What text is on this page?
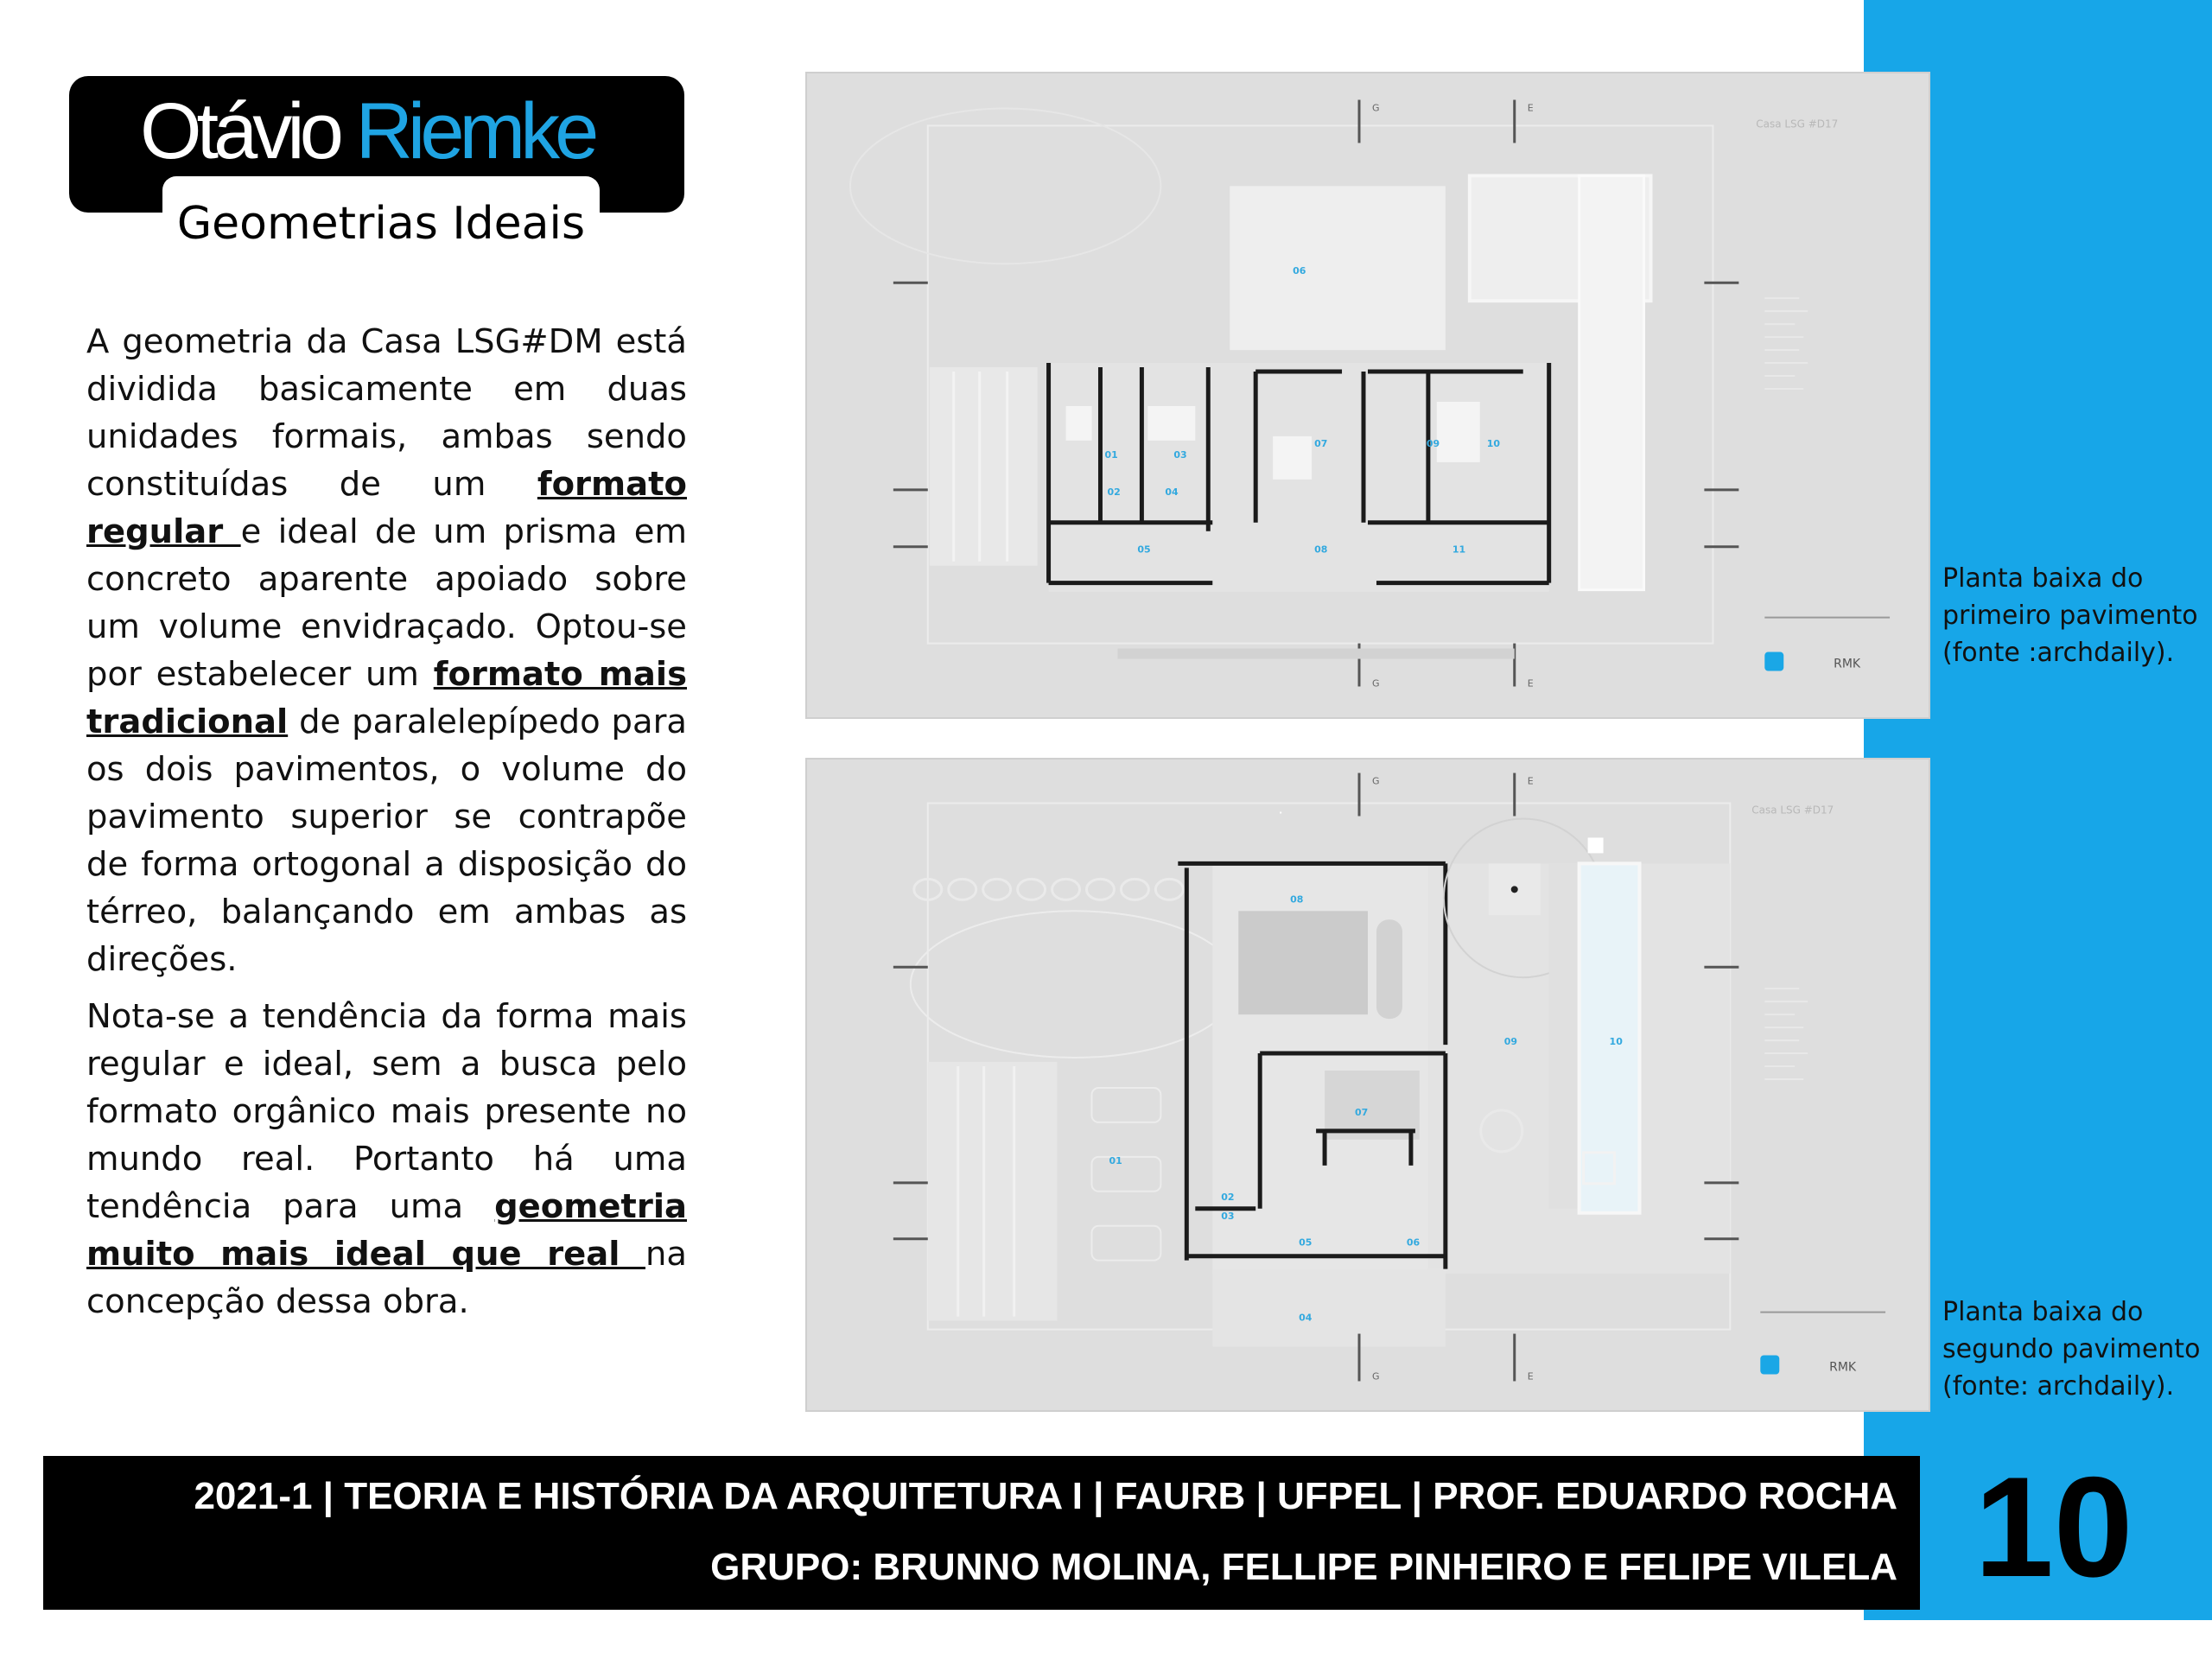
Otávio Riemke
Geometrias Ideais

A geometria da Casa LSG#DM está dividida basicamente em duas unidades formais, ambas sendo constituídas de um formato regular e ideal de um prisma em concreto aparente apoiado sobre um volume envidraçado. Optou-se por estabelecer um formato mais tradicional de paralelepípedo para os dois pavimentos, o volume do pavimento superior se contrapõe de forma ortogonal a disposição do térreo, balançando em ambas as direções.

Nota-se a tendência da forma mais regular e ideal, sem a busca pelo formato orgânico mais presente no mundo real. Portanto há uma tendência para uma geometria muito mais ideal que real na concepção dessa obra.

06
01	03
02	04
05
07
08
09	10
11
G	E
G	E
Casa LSG #D17
RMK
Planta baixa do primeiro pavimento (fonte :archdaily).
08
09	10
01
02
03
05	06
07
04
G	E
G	E
Casa LSG #D17
RMK
Planta baixa do segundo pavimento (fonte: archdaily).
2021-1 | TEORIA E HISTÓRIA DA ARQUITETURA I | FAURB | UFPEL | PROF. EDUARDO ROCHA
GRUPO: BRUNNO MOLINA, FELLIPE PINHEIRO E FELIPE VILELA 10
